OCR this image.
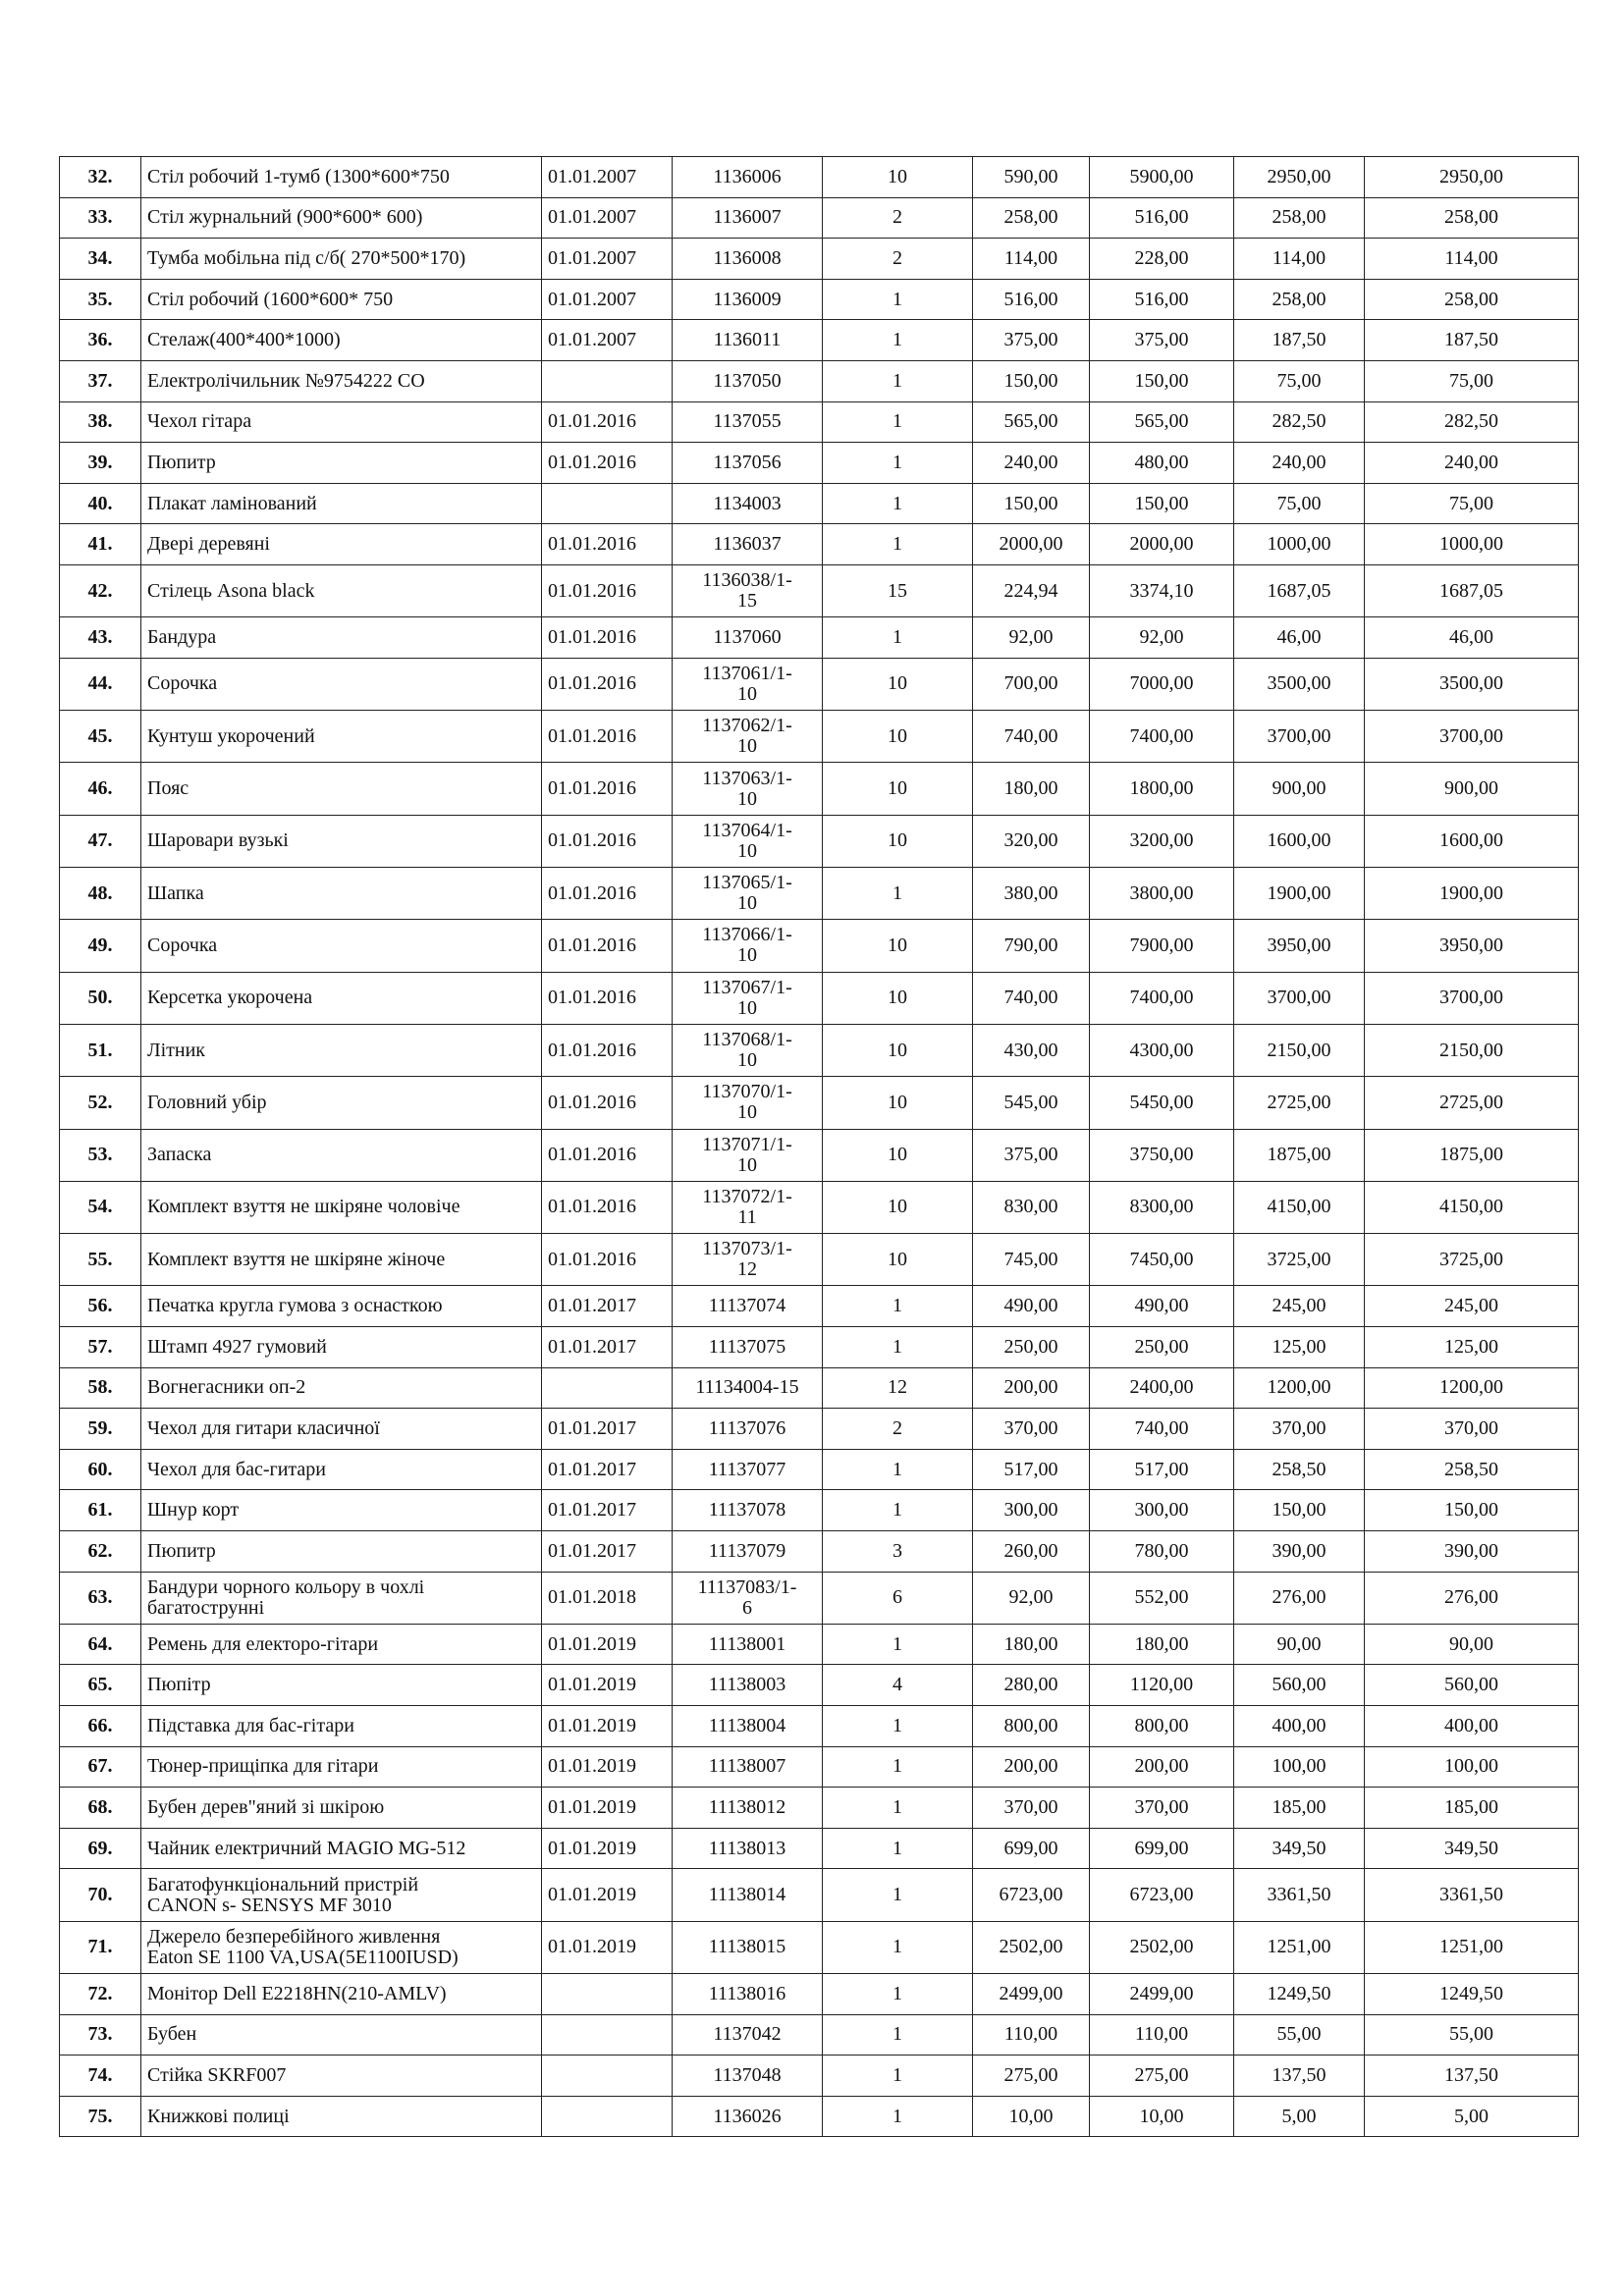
32.	Стіл робочий 1-тумб (1300*600*750	01.01.2007	1136006	10	590,00	5900,00	2950,00	2950,00
33.	Стіл журнальний (900*600* 600)	01.01.2007	1136007	2	258,00	516,00	258,00	258,00
34.	Тумба мобільна під с/б( 270*500*170)	01.01.2007	1136008	2	114,00	228,00	114,00	114,00
35.	Стіл робочий (1600*600* 750	01.01.2007	1136009	1	516,00	516,00	258,00	258,00
36.	Стелаж(400*400*1000)	01.01.2007	1136011	1	375,00	375,00	187,50	187,50
37.	Електролічильник №9754222 СО		1137050	1	150,00	150,00	75,00	75,00
38.	Чехол гітара	01.01.2016	1137055	1	565,00	565,00	282,50	282,50
39.	Пюпитр	01.01.2016	1137056	1	240,00	480,00	240,00	240,00
40.	Плакат ламінований		1134003	1	150,00	150,00	75,00	75,00
41.	Двері деревяні	01.01.2016	1136037	1	2000,00	2000,00	1000,00	1000,00
42.	Стілець Asona black	01.01.2016	1136038/1-
15	15	224,94	3374,10	1687,05	1687,05
43.	Бандура	01.01.2016	1137060	1	92,00	92,00	46,00	46,00
44.	Сорочка	01.01.2016	1137061/1-
10	10	700,00	7000,00	3500,00	3500,00
45.	Кунтуш укорочений	01.01.2016	1137062/1-
10	10	740,00	7400,00	3700,00	3700,00
46.	Пояс	01.01.2016	1137063/1-
10	10	180,00	1800,00	900,00	900,00
47.	Шаровари вузькі	01.01.2016	1137064/1-
10	10	320,00	3200,00	1600,00	1600,00
48.	Шапка	01.01.2016	1137065/1-
10	1	380,00	3800,00	1900,00	1900,00
49.	Сорочка	01.01.2016	1137066/1-
10	10	790,00	7900,00	3950,00	3950,00
50.	Керсетка укорочена	01.01.2016	1137067/1-
10	10	740,00	7400,00	3700,00	3700,00
51.	Літник	01.01.2016	1137068/1-
10	10	430,00	4300,00	2150,00	2150,00
52.	Головний убір	01.01.2016	1137070/1-
10	10	545,00	5450,00	2725,00	2725,00
53.	Запаска	01.01.2016	1137071/1-
10	10	375,00	3750,00	1875,00	1875,00
54.	Комплект взуття не шкіряне чоловіче	01.01.2016	1137072/1-
11	10	830,00	8300,00	4150,00	4150,00
55.	Комплект взуття не шкіряне жіноче	01.01.2016	1137073/1-
12	10	745,00	7450,00	3725,00	3725,00
56.	Печатка кругла гумова з оснасткою	01.01.2017	11137074	1	490,00	490,00	245,00	245,00
57.	Штамп 4927 гумовий	01.01.2017	11137075	1	250,00	250,00	125,00	125,00
58.	Вогнегасники оп-2		11134004-15	12	200,00	2400,00	1200,00	1200,00
59.	Чехол для гитари класичної	01.01.2017	11137076	2	370,00	740,00	370,00	370,00
60.	Чехол для бас-гитари	01.01.2017	11137077	1	517,00	517,00	258,50	258,50
61.	Шнур корт	01.01.2017	11137078	1	300,00	300,00	150,00	150,00
62.	Пюпитр	01.01.2017	11137079	3	260,00	780,00	390,00	390,00
63.	Бандури чорного кольору в чохлі
багатострунні	01.01.2018	11137083/1-
6	6	92,00	552,00	276,00	276,00
64.	Ремень для електоро-гітари	01.01.2019	11138001	1	180,00	180,00	90,00	90,00
65.	Пюпітр	01.01.2019	11138003	4	280,00	1120,00	560,00	560,00
66.	Підставка для бас-гітари	01.01.2019	11138004	1	800,00	800,00	400,00	400,00
67.	Тюнер-прищіпка для гітари	01.01.2019	11138007	1	200,00	200,00	100,00	100,00
68.	Бубен дерев"яний зі шкірою	01.01.2019	11138012	1	370,00	370,00	185,00	185,00
69.	Чайник електричний MAGIO MG-512	01.01.2019	11138013	1	699,00	699,00	349,50	349,50
70.	Багатофункціональний пристрій
CANON s- SENSYS MF 3010	01.01.2019	11138014	1	6723,00	6723,00	3361,50	3361,50
71.	Джерело безперебійного живлення
Eaton SE 1100 VA,USA(5E1100IUSD)	01.01.2019	11138015	1	2502,00	2502,00	1251,00	1251,00
72.	Монітор Dell E2218HN(210-AMLV)		11138016	1	2499,00	2499,00	1249,50	1249,50
73.	Бубен		1137042	1	110,00	110,00	55,00	55,00
74.	Стійка SKRF007		1137048	1	275,00	275,00	137,50	137,50
75.	Книжкові полиці		1136026	1	10,00	10,00	5,00	5,00
